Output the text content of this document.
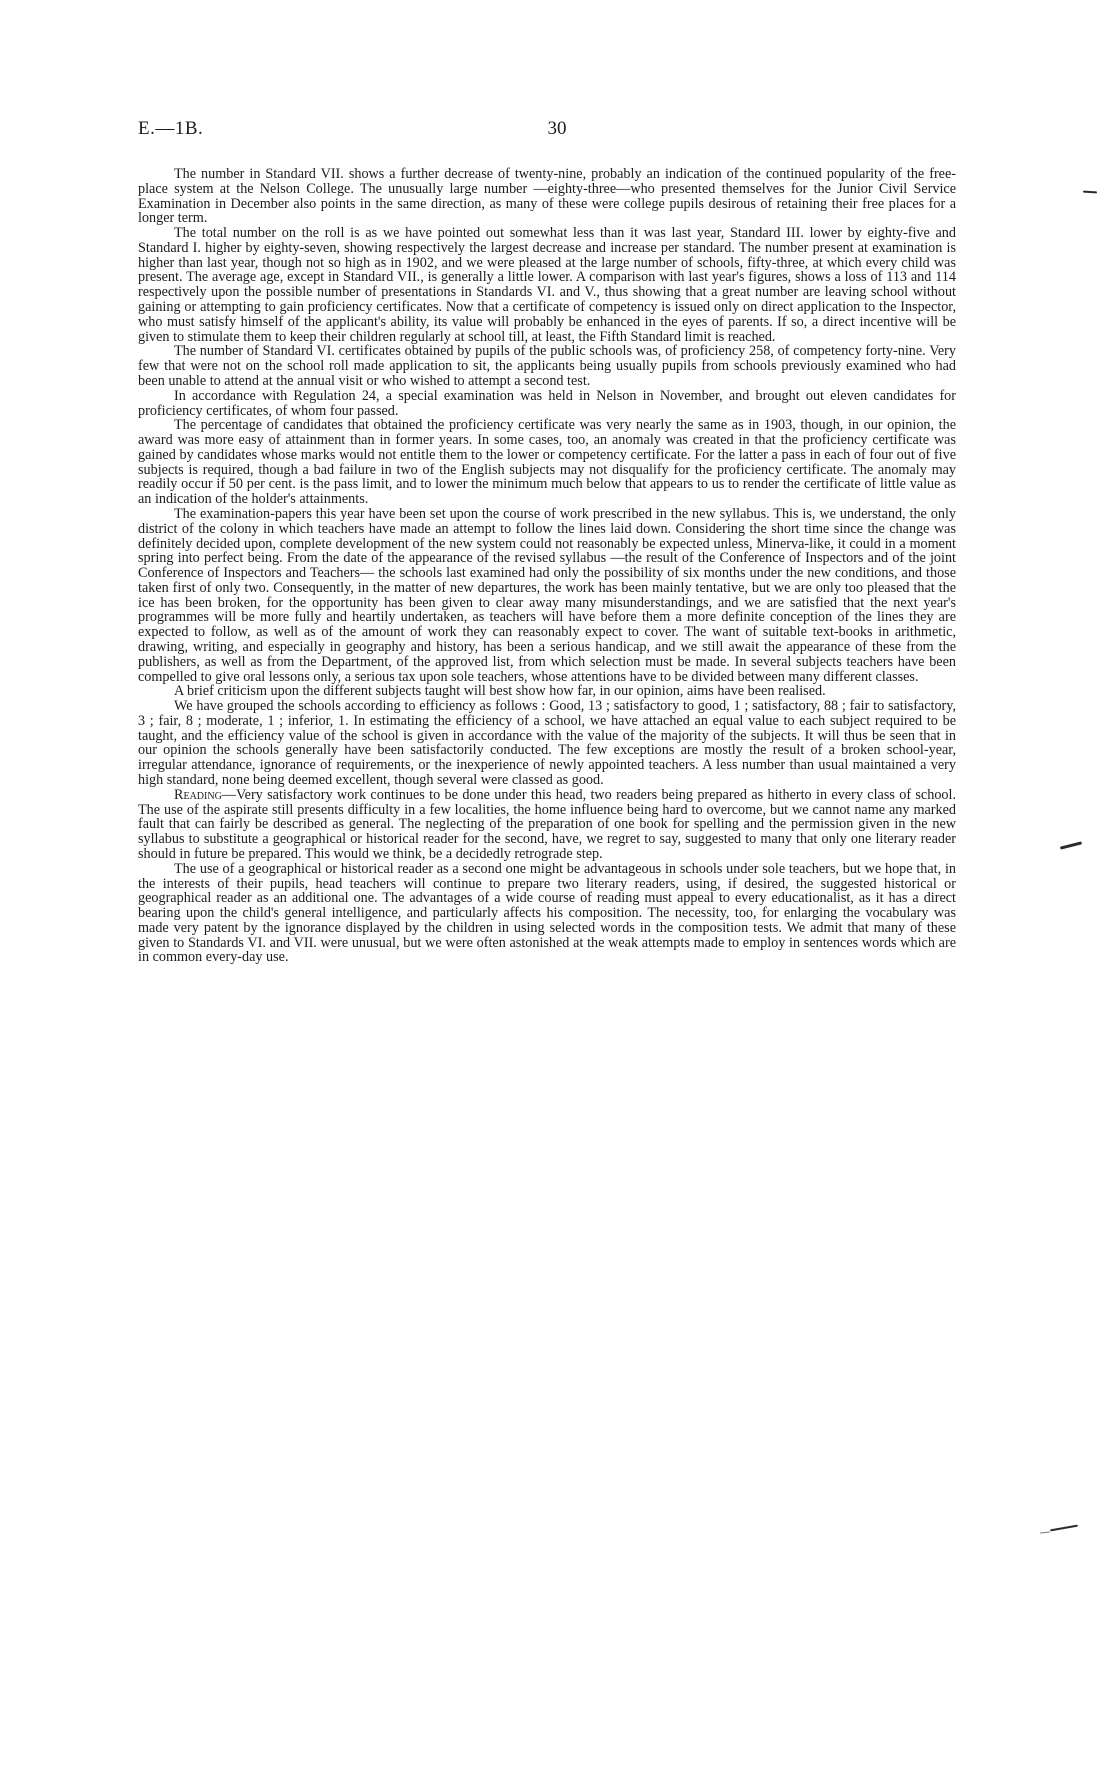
E.—1B.	30

The number in Standard VII. shows a further decrease of twenty-nine, probably an indication of the continued popularity of the free-place system at the Nelson College. The unusually large number —eighty-three—who presented themselves for the Junior Civil Service Examination in December also points in the same direction, as many of these were college pupils desirous of retaining their free places for a longer term.

The total number on the roll is as we have pointed out somewhat less than it was last year, Standard III. lower by eighty-five and Standard I. higher by eighty-seven, showing respectively the largest decrease and increase per standard. The number present at examination is higher than last year, though not so high as in 1902, and we were pleased at the large number of schools, fifty-three, at which every child was present. The average age, except in Standard VII., is generally a little lower. A comparison with last year's figures, shows a loss of 113 and 114 respectively upon the possible number of presentations in Standards VI. and V., thus showing that a great number are leaving school without gaining or attempting to gain proficiency certificates. Now that a certificate of competency is issued only on direct application to the Inspector, who must satisfy himself of the applicant's ability, its value will probably be enhanced in the eyes of parents. If so, a direct incentive will be given to stimulate them to keep their children regularly at school till, at least, the Fifth Standard limit is reached.

The number of Standard VI. certificates obtained by pupils of the public schools was, of proficiency 258, of competency forty-nine. Very few that were not on the school roll made application to sit, the applicants being usually pupils from schools previously examined who had been unable to attend at the annual visit or who wished to attempt a second test.

In accordance with Regulation 24, a special examination was held in Nelson in November, and brought out eleven candidates for proficiency certificates, of whom four passed.

The percentage of candidates that obtained the proficiency certificate was very nearly the same as in 1903, though, in our opinion, the award was more easy of attainment than in former years. In some cases, too, an anomaly was created in that the proficiency certificate was gained by candidates whose marks would not entitle them to the lower or competency certificate. For the latter a pass in each of four out of five subjects is required, though a bad failure in two of the English subjects may not disqualify for the proficiency certificate. The anomaly may readily occur if 50 per cent. is the pass limit, and to lower the minimum much below that appears to us to render the certificate of little value as an indication of the holder's attainments.

The examination-papers this year have been set upon the course of work prescribed in the new syllabus. This is, we understand, the only district of the colony in which teachers have made an attempt to follow the lines laid down. Considering the short time since the change was definitely decided upon, complete development of the new system could not reasonably be expected unless, Minerva-like, it could in a moment spring into perfect being. From the date of the appearance of the revised syllabus —the result of the Conference of Inspectors and of the joint Conference of Inspectors and Teachers— the schools last examined had only the possibility of six months under the new conditions, and those taken first of only two. Consequently, in the matter of new departures, the work has been mainly tentative, but we are only too pleased that the ice has been broken, for the opportunity has been given to clear away many misunderstandings, and we are satisfied that the next year's programmes will be more fully and heartily undertaken, as teachers will have before them a more definite conception of the lines they are expected to follow, as well as of the amount of work they can reasonably expect to cover. The want of suitable text-books in arithmetic, drawing, writing, and especially in geography and history, has been a serious handicap, and we still await the appearance of these from the publishers, as well as from the Department, of the approved list, from which selection must be made. In several subjects teachers have been compelled to give oral lessons only, a serious tax upon sole teachers, whose attentions have to be divided between many different classes.

A brief criticism upon the different subjects taught will best show how far, in our opinion, aims have been realised.

We have grouped the schools according to efficiency as follows : Good, 13 ; satisfactory to good, 1 ; satisfactory, 88 ; fair to satisfactory, 3 ; fair, 8 ; moderate, 1 ; inferior, 1. In estimating the efficiency of a school, we have attached an equal value to each subject required to be taught, and the efficiency value of the school is given in accordance with the value of the majority of the subjects. It will thus be seen that in our opinion the schools generally have been satisfactorily conducted. The few exceptions are mostly the result of a broken school-year, irregular attendance, ignorance of requirements, or the inexperience of newly appointed teachers. A less number than usual maintained a very high standard, none being deemed excellent, though several were classed as good.

Reading—Very satisfactory work continues to be done under this head, two readers being prepared as hitherto in every class of school. The use of the aspirate still presents difficulty in a few localities, the home influence being hard to overcome, but we cannot name any marked fault that can fairly be described as general. The neglecting of the preparation of one book for spelling and the permission given in the new syllabus to substitute a geographical or historical reader for the second, have, we regret to say, suggested to many that only one literary reader should in future be prepared. This would we think, be a decidedly retrograde step.

The use of a geographical or historical reader as a second one might be advantageous in schools under sole teachers, but we hope that, in the interests of their pupils, head teachers will continue to prepare two literary readers, using, if desired, the suggested historical or geographical reader as an additional one. The advantages of a wide course of reading must appeal to every educationalist, as it has a direct bearing upon the child's general intelligence, and particularly affects his composition. The necessity, too, for enlarging the vocabulary was made very patent by the ignorance displayed by the children in using selected words in the composition tests. We admit that many of these given to Standards VI. and VII. were unusual, but we were often astonished at the weak attempts made to employ in sentences words which are in common every-day use.
